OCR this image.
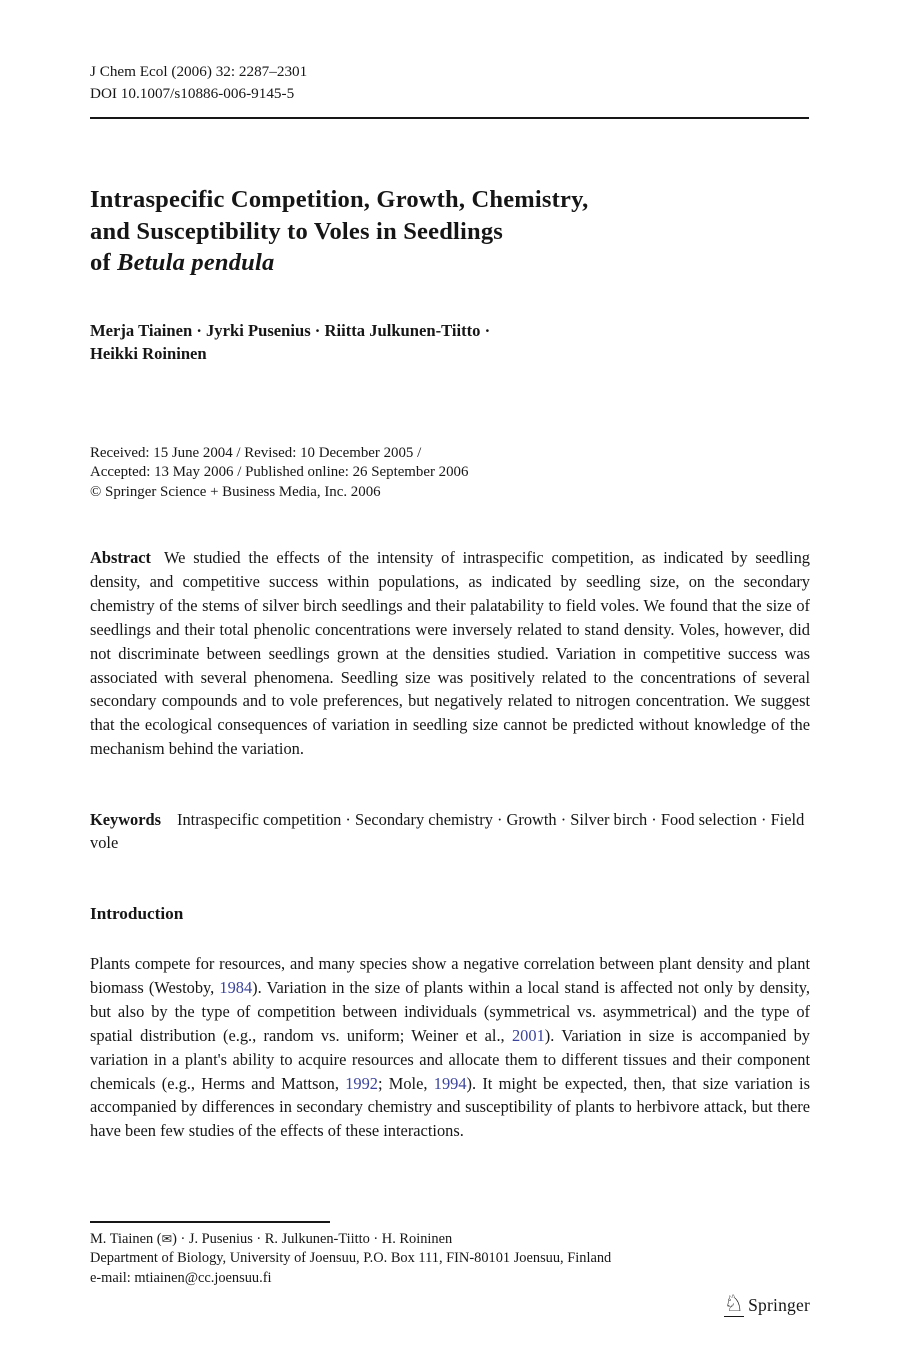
J Chem Ecol (2006) 32: 2287–2301
DOI 10.1007/s10886-006-9145-5
Intraspecific Competition, Growth, Chemistry,
and Susceptibility to Voles in Seedlings
of Betula pendula
Merja Tiainen · Jyrki Pusenius · Riitta Julkunen-Tiitto ·
Heikki Roininen
Received: 15 June 2004 / Revised: 10 December 2005 /
Accepted: 13 May 2006 / Published online: 26 September 2006
© Springer Science + Business Media, Inc. 2006

Abstract We studied the effects of the intensity of intraspecific competition, as indicated by seedling density, and competitive success within populations, as indicated by seedling size, on the secondary chemistry of the stems of silver birch seedlings and their palatability to field voles. We found that the size of seedlings and their total phenolic concentrations were inversely related to stand density. Voles, however, did not discriminate between seedlings grown at the densities studied. Variation in competitive success was associated with several phenomena. Seedling size was positively related to the concentrations of several secondary compounds and to vole preferences, but negatively related to nitrogen concentration. We suggest that the ecological consequences of variation in seedling size cannot be predicted without knowledge of the mechanism behind the variation.

Keywords Intraspecific competition · Secondary chemistry · Growth · Silver birch · Food selection · Field vole

Introduction

Plants compete for resources, and many species show a negative correlation between plant density and plant biomass (Westoby, 1984). Variation in the size of plants within a local stand is affected not only by density, but also by the type of competition between individuals (symmetrical vs. asymmetrical) and the type of spatial distribution (e.g., random vs. uniform; Weiner et al., 2001). Variation in size is accompanied by variation in a plant's ability to acquire resources and allocate them to different tissues and their component chemicals (e.g., Herms and Mattson, 1992; Mole, 1994). It might be expected, then, that size variation is accompanied by differences in secondary chemistry and susceptibility of plants to herbivore attack, but there have been few studies of the effects of these interactions.

M. Tiainen (✉) · J. Pusenius · R. Julkunen-Tiitto · H. Roininen
Department of Biology, University of Joensuu, P.O. Box 111, FIN-80101 Joensuu, Finland
e-mail: mtiainen@cc.joensuu.fi
♘ Springer
